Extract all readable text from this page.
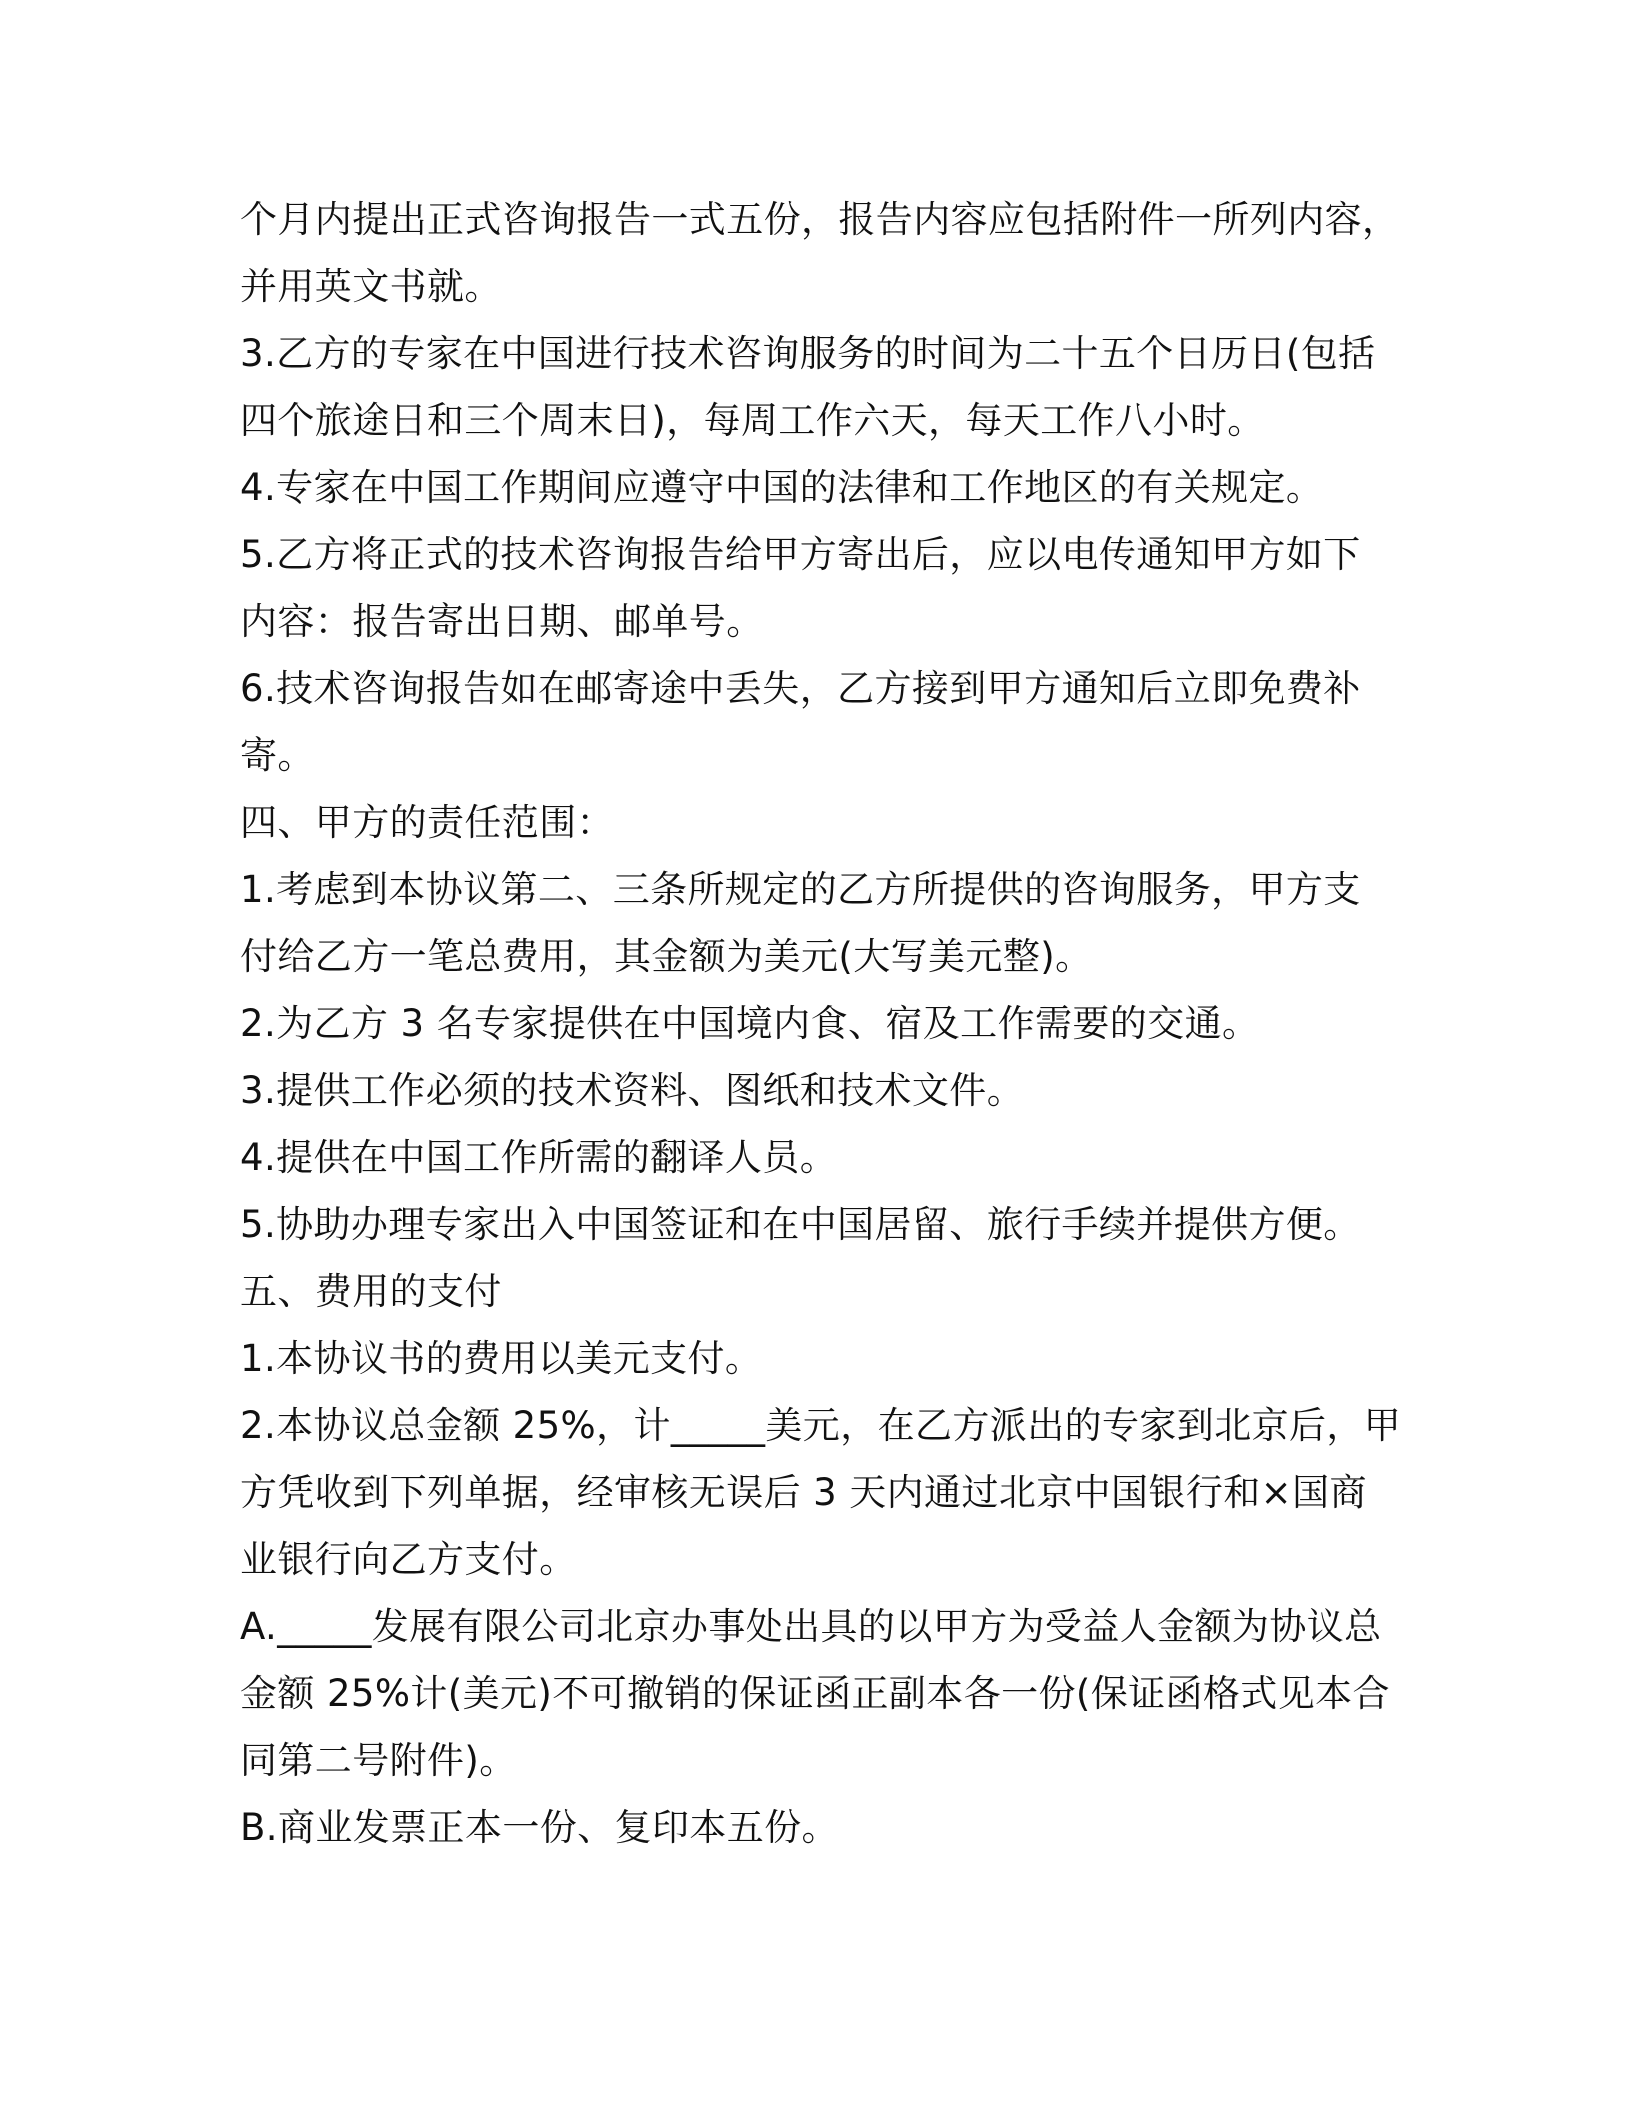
个月内提出正式咨询报告一式五份，报告内容应包括附件一所列内容，
并用英文书就。
3.乙方的专家在中国进行技术咨询服务的时间为二十五个日历日(包括
四个旅途日和三个周末日)，每周工作六天，每天工作八小时。
4.专家在中国工作期间应遵守中国的法律和工作地区的有关规定。
5.乙方将正式的技术咨询报告给甲方寄出后，应以电传通知甲方如下
内容：报告寄出日期、邮单号。
6.技术咨询报告如在邮寄途中丢失，乙方接到甲方通知后立即免费补
寄。
四、甲方的责任范围：
1.考虑到本协议第二、三条所规定的乙方所提供的咨询服务，甲方支
付给乙方一笔总费用，其金额为美元(大写美元整)。
2.为乙方 3 名专家提供在中国境内食、宿及工作需要的交通。
3.提供工作必须的技术资料、图纸和技术文件。
4.提供在中国工作所需的翻译人员。
5.协助办理专家出入中国签证和在中国居留、旅行手续并提供方便。
五、费用的支付
1.本协议书的费用以美元支付。
2.本协议总金额 25%，计_____美元，在乙方派出的专家到北京后，甲
方凭收到下列单据，经审核无误后 3 天内通过北京中国银行和×国商
业银行向乙方支付。
A._____发展有限公司北京办事处出具的以甲方为受益人金额为协议总
金额 25%计(美元)不可撤销的保证函正副本各一份(保证函格式见本合
同第二号附件)。
B.商业发票正本一份、复印本五份。
